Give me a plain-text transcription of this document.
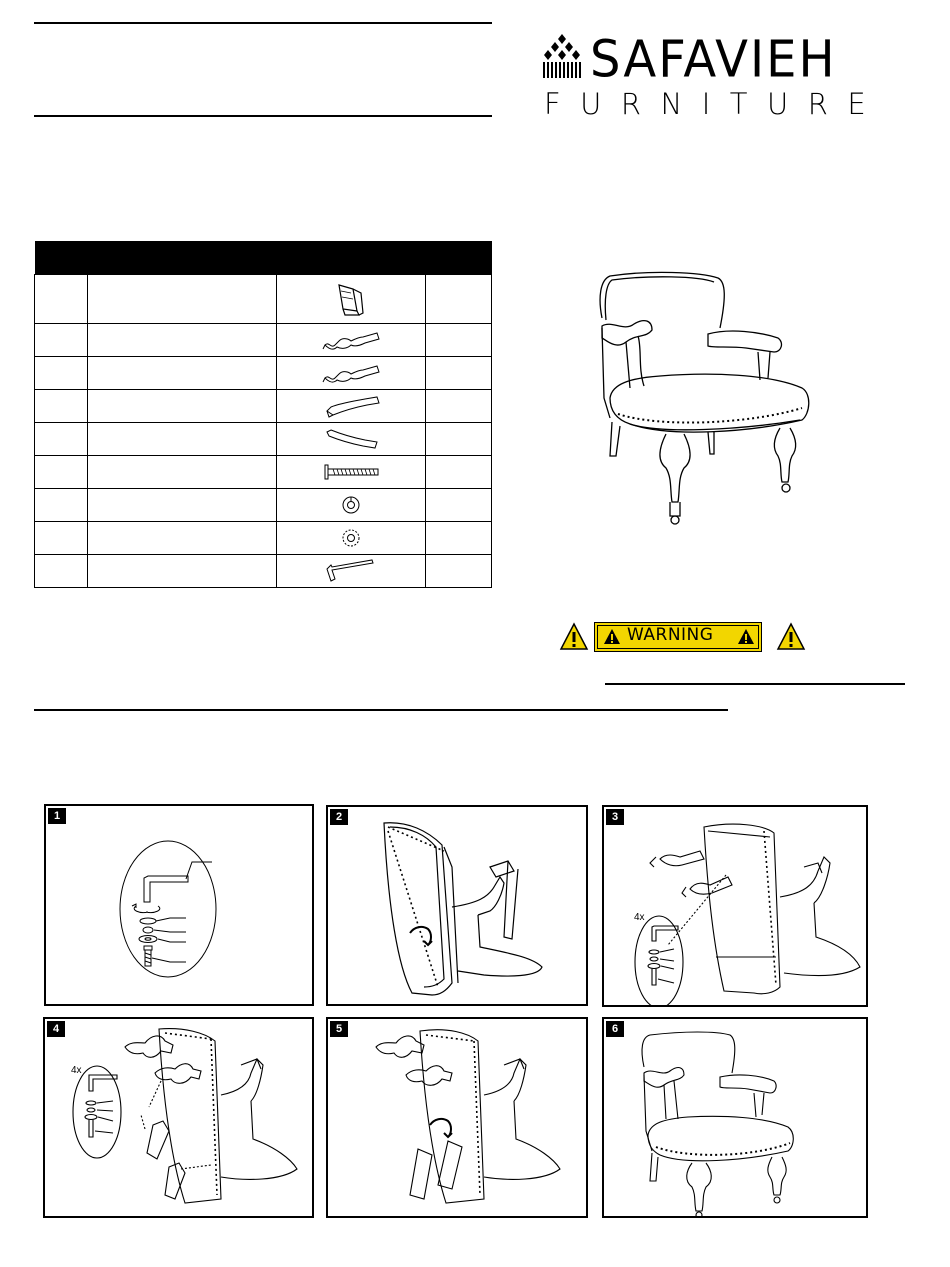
SAFAVIEH
FURNITURE

WARNING
1	2	3
4x
4
4x
5	6
